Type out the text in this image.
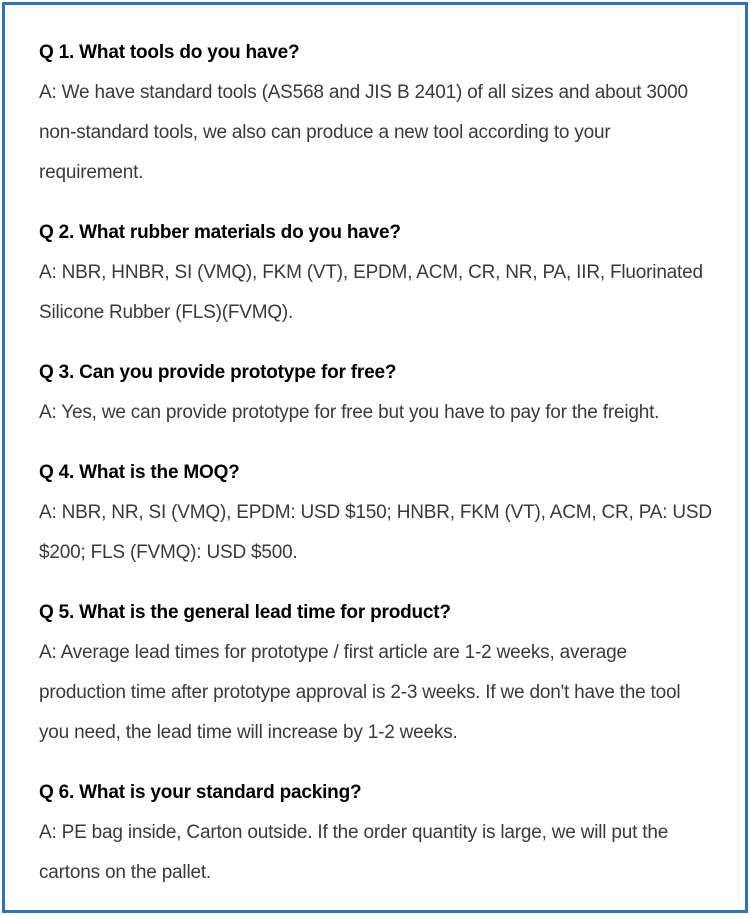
Q 1. What tools do you have?

A: We have standard tools (AS568 and JIS B 2401) of all sizes and about 3000 non-standard tools, we also can produce a new tool according to your requirement.

Q 2. What rubber materials do you have?

A: NBR, HNBR, SI (VMQ), FKM (VT), EPDM, ACM, CR, NR, PA, IIR, Fluorinated Silicone Rubber (FLS)(FVMQ).

Q 3. Can you provide prototype for free?

A: Yes, we can provide prototype for free but you have to pay for the freight.

Q 4. What is the MOQ?

A: NBR, NR, SI (VMQ), EPDM: USD $150; HNBR, FKM (VT), ACM, CR, PA: USD $200; FLS (FVMQ): USD $500.

Q 5. What is the general lead time for product?

A: Average lead times for prototype / first article are 1-2 weeks, average production time after prototype approval is 2-3 weeks. If we don't have the tool you need, the lead time will increase by 1-2 weeks.

Q 6. What is your standard packing?

A: PE bag inside, Carton outside. If the order quantity is large, we will put the cartons on the pallet.
